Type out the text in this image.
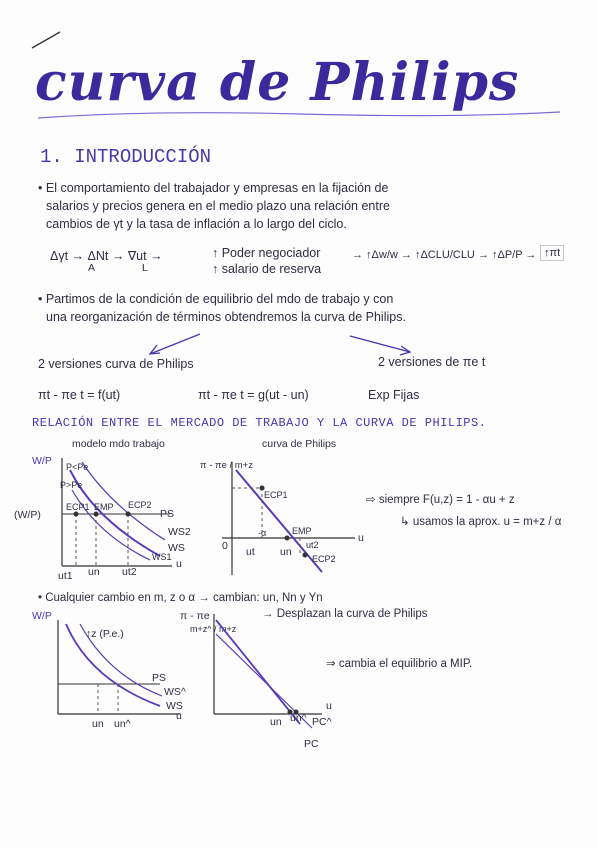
curva de Philips
1. INTRODUCCIÓN
• El comportamiento del trabajador y empresas en la fijación de
salarios y precios genera en el medio plazo una relación entre
cambios de γt y la tasa de inflación a lo largo del ciclo.
Δγt → ΔNt → ∇ut →
A	L
↑ Poder negociador
↑ salario de reserva
→ ↑Δw/w → ↑ΔCLU/CLU → ↑ΔP/P → ↑πt
• Partimos de la condición de equilibrio del mdo de trabajo y con
una reorganización de términos obtendremos la curva de Philips.
2 versiones curva de Philips	2 versiones de πe t
πt - πe t = f(ut)	πt - πe t = g(ut - un)	Exp Fijas
RELACIÓN ENTRE EL MERCADO DE TRABAJO Y LA CURVA DE PHILIPS.
modelo mdo trabajo
W/P
(W/P)
P<Pe
P>Pe
ECP1 EMP ECP2
PS
WS2
WS
WS1
ut1 un ut2
u
curva de Philips
π - πe / m+z
ECP1
-α	EMP
ut un
ut2
ECP2
u
0
⇨ siempre F(u,z) = 1 - αu + z
↳ usamos la aprox. u = m+z / α
• Cualquier cambio en m, z o α → cambian: un, Nn y Yn
→ Desplazan la curva de Philips
W/P
↑z (P.e.)
PS
WS^
WS
u
un un^
π - πe
m+z^ / m+z
u
un un^ PC^
PC
⇒ cambia el equilibrio a MIP.
